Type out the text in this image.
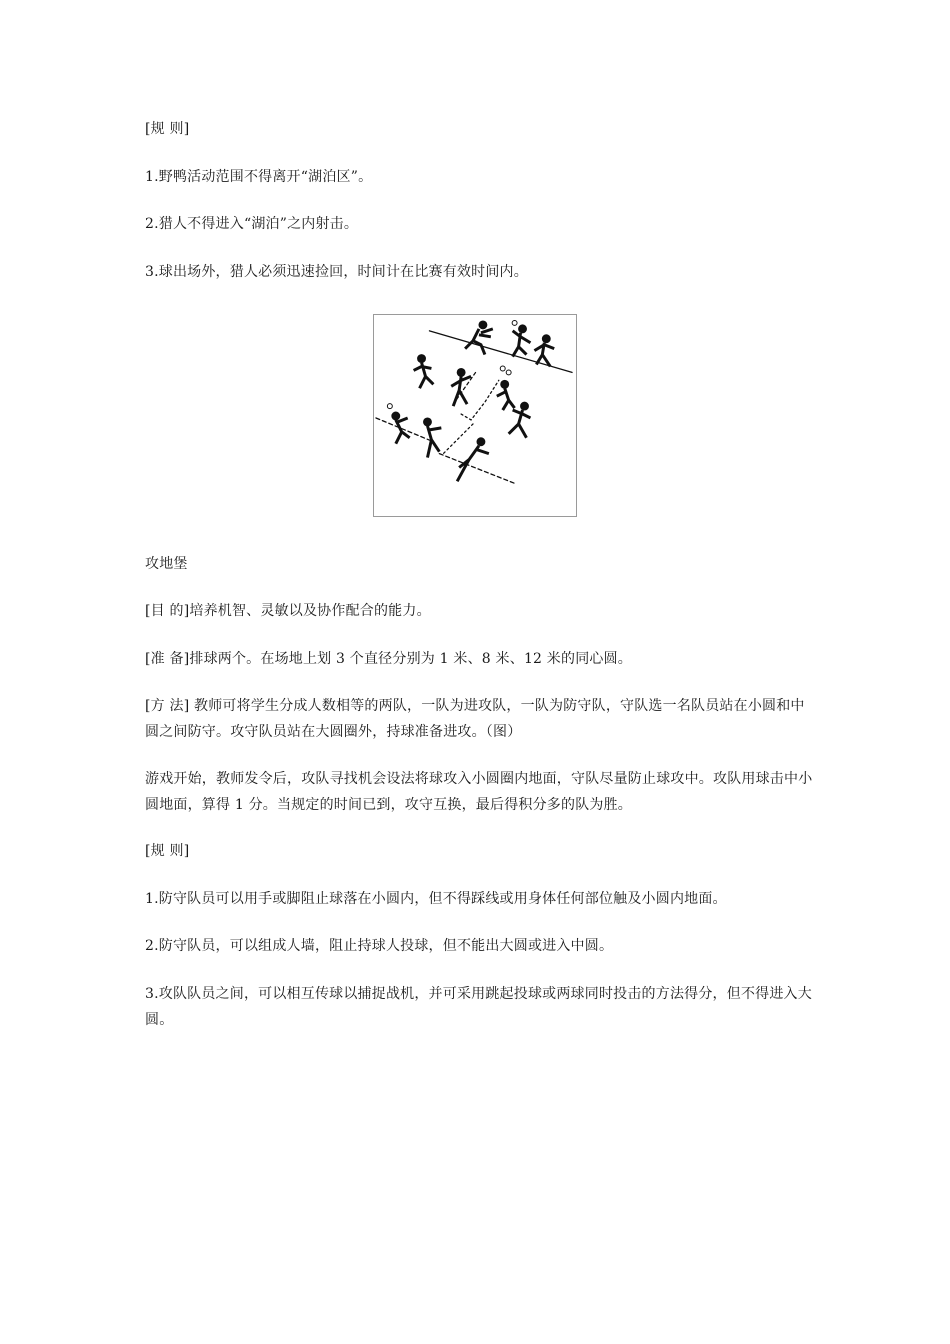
[规 则]

1.野鸭活动范围不得离开“湖泊区”。

2.猎人不得进入“湖泊”之内射击。

3.球出场外，猎人必须迅速捡回，时间计在比赛有效时间内。

攻地堡

[目 的]培养机智、灵敏以及协作配合的能力。

[准 备]排球两个。在场地上划 3 个直径分别为 1 米、8 米、12 米的同心圆。

[方 法] 教师可将学生分成人数相等的两队，一队为进攻队，一队为防守队，守队选一名队员站在小圆和中圆之间防守。攻守队员站在大圆圈外，持球准备进攻。（图）

游戏开始，教师发令后，攻队寻找机会设法将球攻入小圆圈内地面，守队尽量防止球攻中。攻队用球击中小圆地面，算得 1 分。当规定的时间已到，攻守互换，最后得积分多的队为胜。

[规 则]

1.防守队员可以用手或脚阻止球落在小圆内，但不得踩线或用身体任何部位触及小圆内地面。

2.防守队员，可以组成人墙，阻止持球人投球，但不能出大圆或进入中圆。

3.攻队队员之间，可以相互传球以捕捉战机，并可采用跳起投球或两球同时投击的方法得分，但不得进入大圆。
